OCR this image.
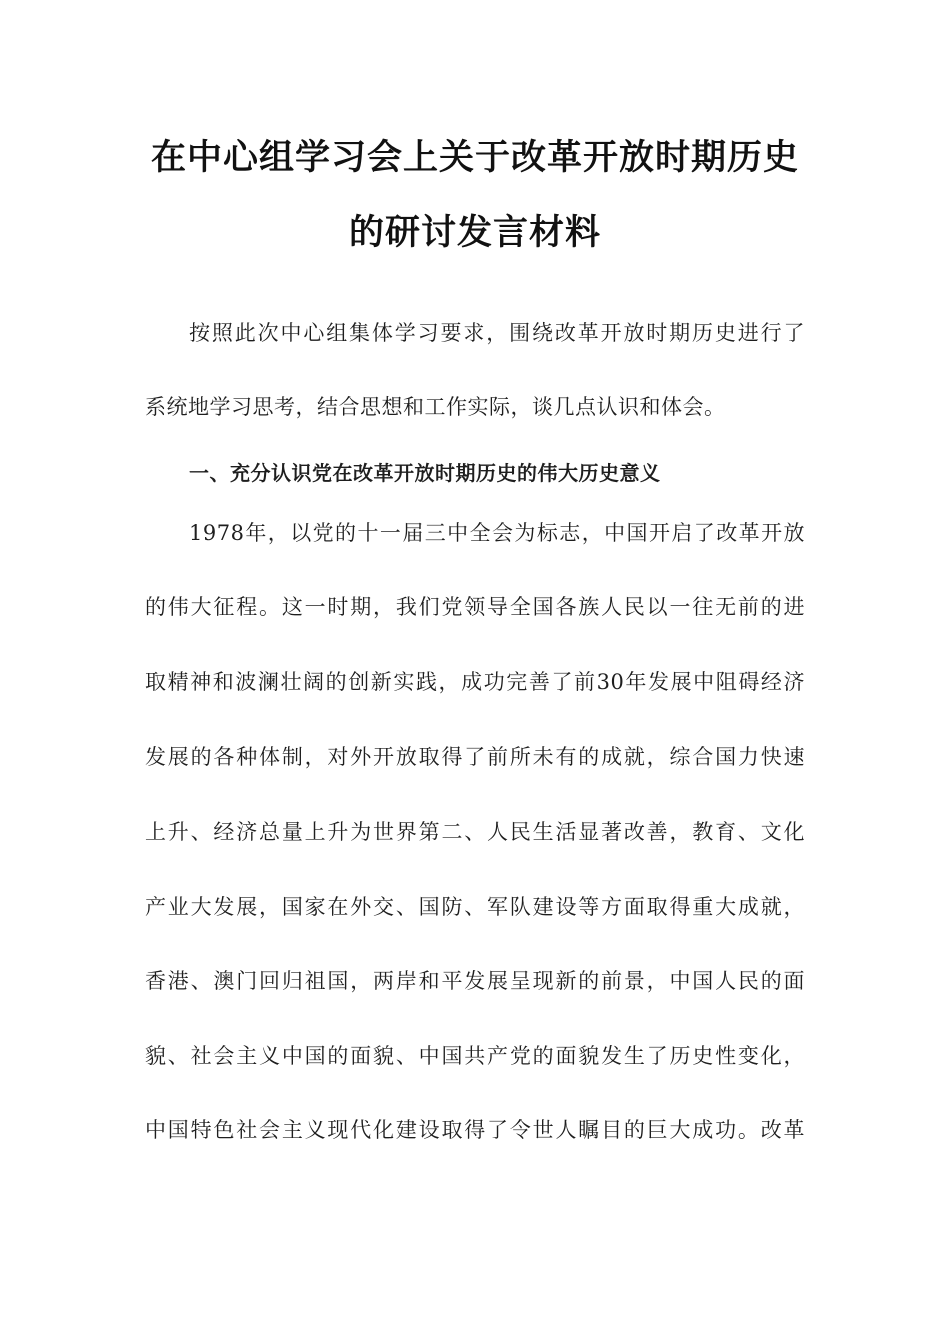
在中心组学习会上关于改革开放时期历史
的研讨发言材料
按照此次中心组集体学习要求，围绕改革开放时期历史进行了
系统地学习思考，结合思想和工作实际，谈几点认识和体会。
一、充分认识党在改革开放时期历史的伟大历史意义
1978年，以党的十一届三中全会为标志，中国开启了改革开放
的伟大征程。这一时期，我们党领导全国各族人民以一往无前的进
取精神和波澜壮阔的创新实践，成功完善了前30年发展中阻碍经济
发展的各种体制，对外开放取得了前所未有的成就，综合国力快速
上升、经济总量上升为世界第二、人民生活显著改善，教育、文化
产业大发展，国家在外交、国防、军队建设等方面取得重大成就，
香港、澳门回归祖国，两岸和平发展呈现新的前景，中国人民的面
貌、社会主义中国的面貌、中国共产党的面貌发生了历史性变化，
中国特色社会主义现代化建设取得了令世人瞩目的巨大成功。改革
